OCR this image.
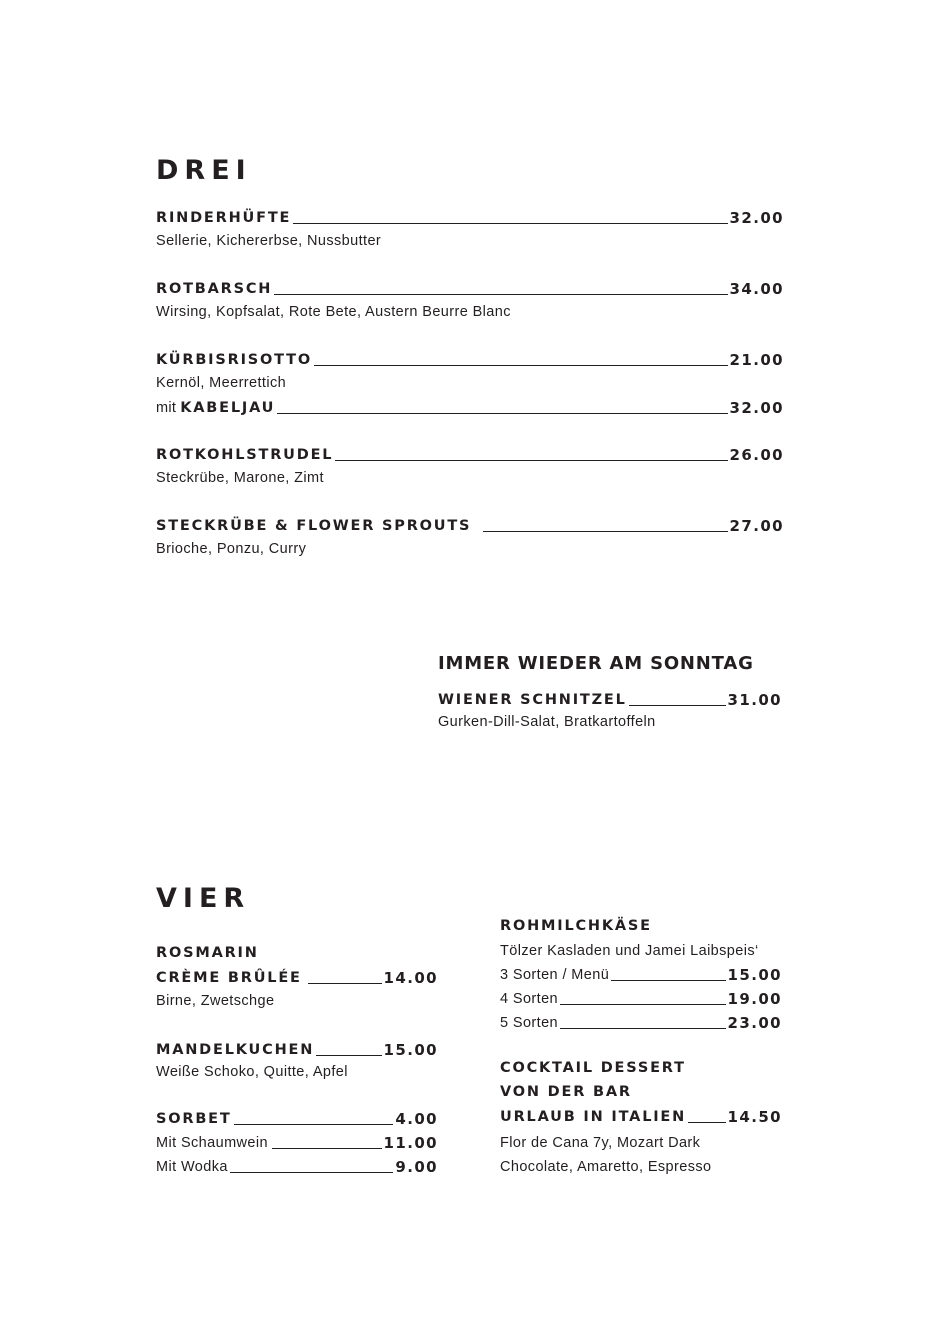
DREI
RINDERHÜFTE	32.00
Sellerie, Kichererbse, Nussbutter
ROTBARSCH	34.00
Wirsing, Kopfsalat, Rote Bete, Austern Beurre Blanc
KÜRBISRISOTTO	21.00
Kernöl, Meerrettich
mit KABELJAU	32.00
ROTKOHLSTRUDEL	26.00
Steckrübe, Marone, Zimt
STECKRÜBE & FLOWER SPROUTS	27.00
Brioche, Ponzu, Curry
IMMER WIEDER AM SONNTAG
WIENER SCHNITZEL	31.00
Gurken-Dill-Salat, Bratkartoffeln
VIER
ROSMARIN
CRÈME BRÛLÉE	14.00
Birne, Zwetschge
MANDELKUCHEN	15.00
Weiße Schoko, Quitte, Apfel
SORBET	4.00
Mit Schaumwein	11.00
Mit Wodka	9.00
ROHMILCHKÄSE
Tölzer Kasladen und Jamei Laibspeis‘
3 Sorten / Menü	15.00
4 Sorten	19.00
5 Sorten	23.00
COCKTAIL DESSERT
VON DER BAR
URLAUB IN ITALIEN	14.50
Flor de Cana 7y, Mozart Dark
Chocolate, Amaretto, Espresso
